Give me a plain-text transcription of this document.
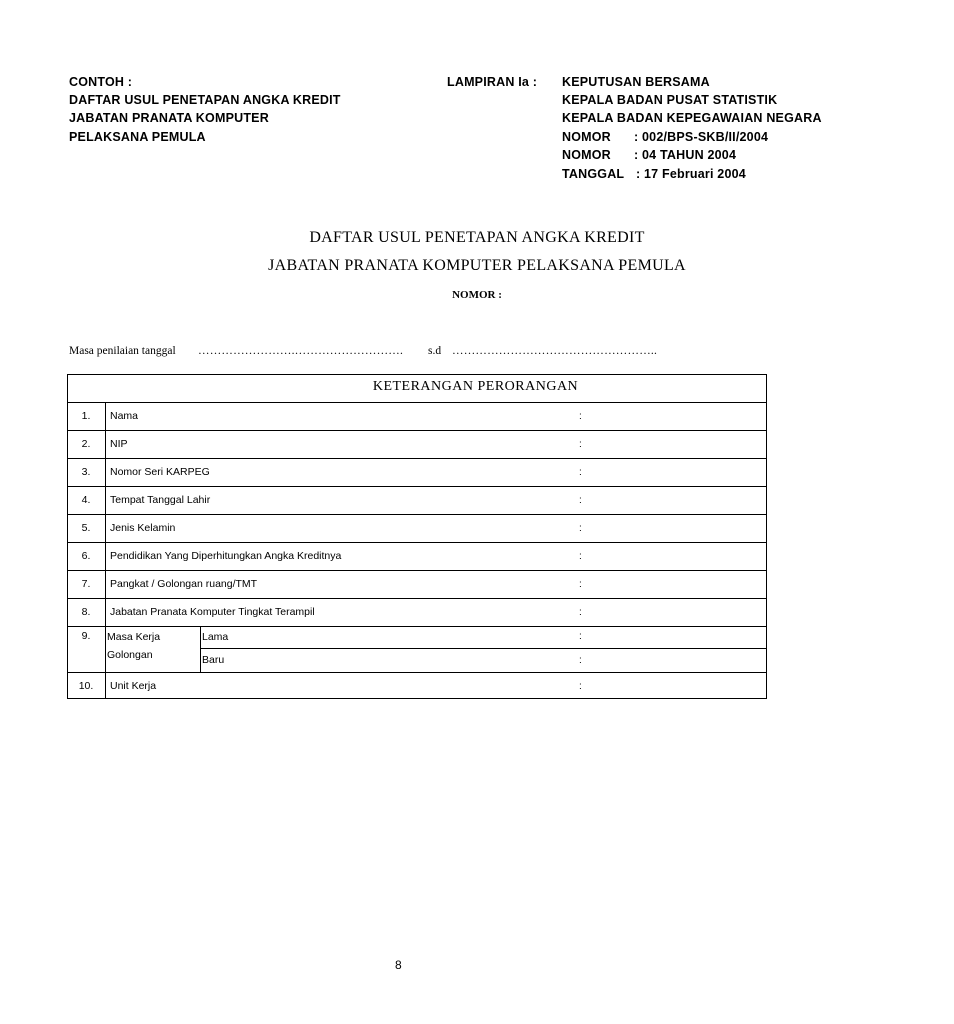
CONTOH :
DAFTAR USUL PENETAPAN ANGKA KREDIT
JABATAN PRANATA KOMPUTER
PELAKSANA PEMULA
LAMPIRAN Ia : KEPUTUSAN BERSAMA
KEPALA BADAN PUSAT STATISTIK
KEPALA BADAN KEPEGAWAIAN NEGARA
NOMOR : 002/BPS-SKB/II/2004
NOMOR : 04 TAHUN 2004
TANGGAL : 17 Februari 2004
DAFTAR USUL PENETAPAN ANGKA KREDIT
JABATAN PRANATA KOMPUTER PELAKSANA PEMULA
NOMOR :
Masa penilaian tanggal …………………….………………………. s.d ……………………………………………..
KETERANGAN PERORANGAN
1.	Nama	:
2.	NIP	:
3.	Nomor Seri KARPEG	:
4.	Tempat Tanggal Lahir	:
5.	Jenis Kelamin	:
6.	Pendidikan Yang Diperhitungkan Angka Kreditnya	:
7.	Pangkat / Golongan ruang/TMT	:
8.	Jabatan Pranata Komputer Tingkat Terampil	:
9.	Masa Kerja
Golongan
Lama	:
Baru	:
10.	Unit Kerja	:
8
